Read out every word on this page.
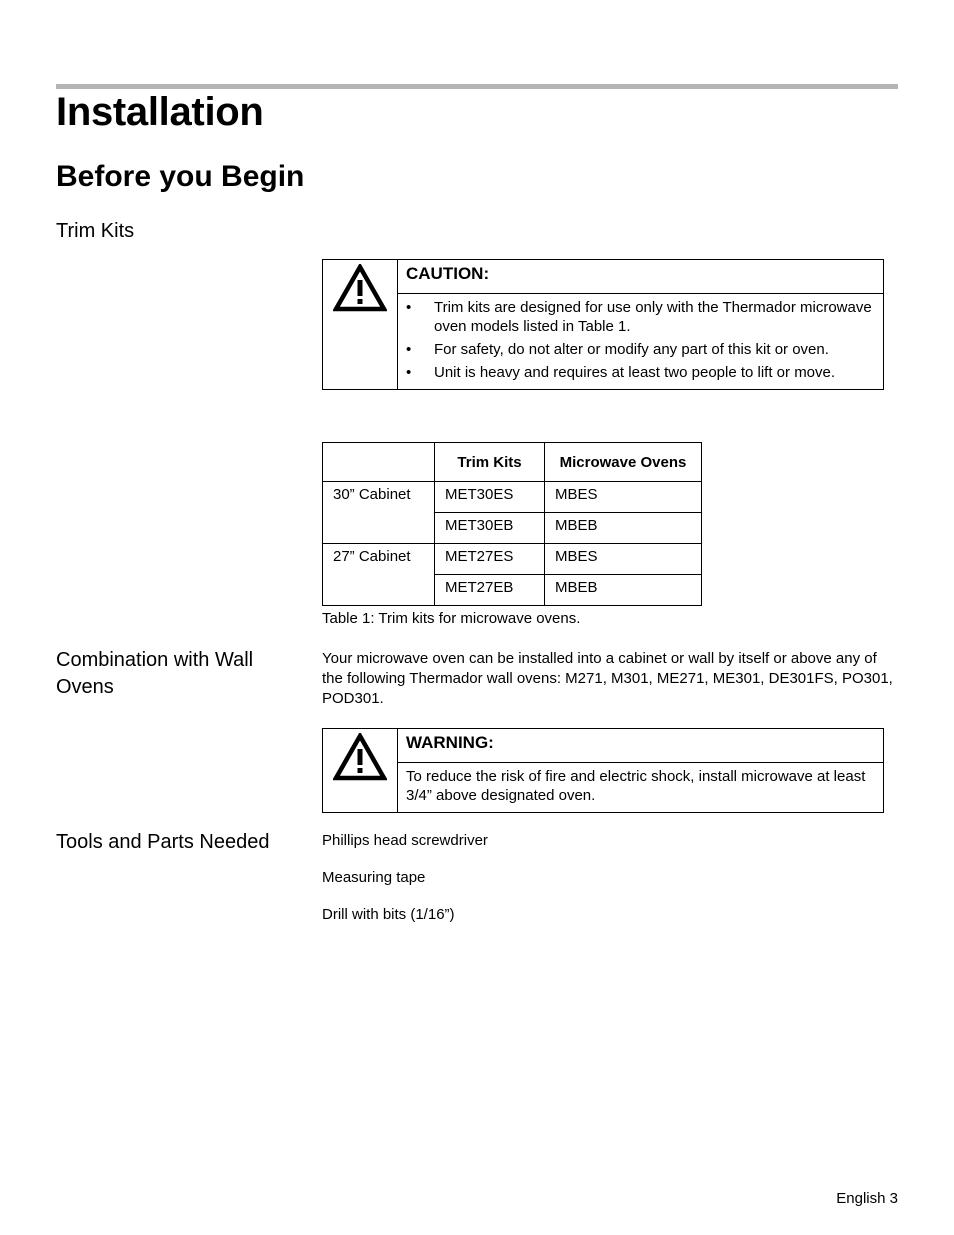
Installation
Before you Begin
Trim Kits
CAUTION:
• Trim kits are designed for use only with the Thermador microwave oven models listed in Table 1.
• For safety, do not alter or modify any part of this kit or oven.
• Unit is heavy and requires at least two people to lift or move.
	Trim Kits	Microwave Ovens
30” Cabinet	MET30ES	MBES
	MET30EB	MBEB
27” Cabinet	MET27ES	MBES
	MET27EB	MBEB
Table 1: Trim kits for microwave ovens.
Combination with Wall Ovens

Your microwave oven can be installed into a cabinet or wall by itself or above any of the following Thermador wall ovens: M271, M301, ME271, ME301, DE301FS, PO301, POD301.

WARNING:
To reduce the risk of fire and electric shock, install microwave at least 3/4” above designated oven.
Tools and Parts Needed	Phillips head screwdriver
Measuring tape
Drill with bits (1/16”)
English 3
